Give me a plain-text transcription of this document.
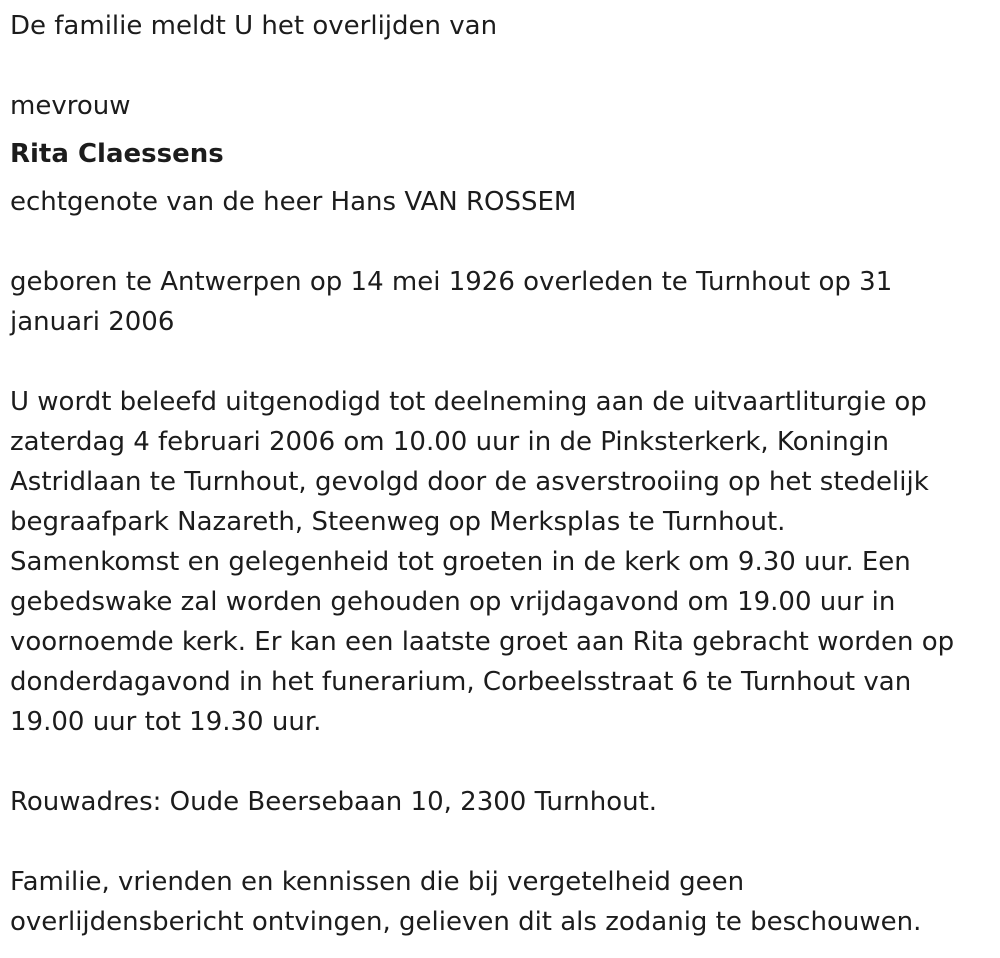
De familie meldt U het overlijden van

mevrouw

Rita Claessens

echtgenote van de heer Hans VAN ROSSEM

geboren te Antwerpen op 14 mei 1926 overleden te Turnhout op 31

januari 2006

U wordt beleefd uitgenodigd tot deelneming aan de uitvaartliturgie op

zaterdag 4 februari 2006 om 10.00 uur in de Pinksterkerk, Koningin

Astridlaan te Turnhout, gevolgd door de asverstrooiing op het stedelijk

begraafpark Nazareth, Steenweg op Merksplas te Turnhout.

Samenkomst en gelegenheid tot groeten in de kerk om 9.30 uur. Een

gebedswake zal worden gehouden op vrijdagavond om 19.00 uur in

voornoemde kerk. Er kan een laatste groet aan Rita gebracht worden op

donderdagavond in het funerarium, Corbeelsstraat 6 te Turnhout van

19.00 uur tot 19.30 uur.

Rouwadres: Oude Beersebaan 10, 2300 Turnhout.

Familie, vrienden en kennissen die bij vergetelheid geen

overlijdensbericht ontvingen, gelieven dit als zodanig te beschouwen.
